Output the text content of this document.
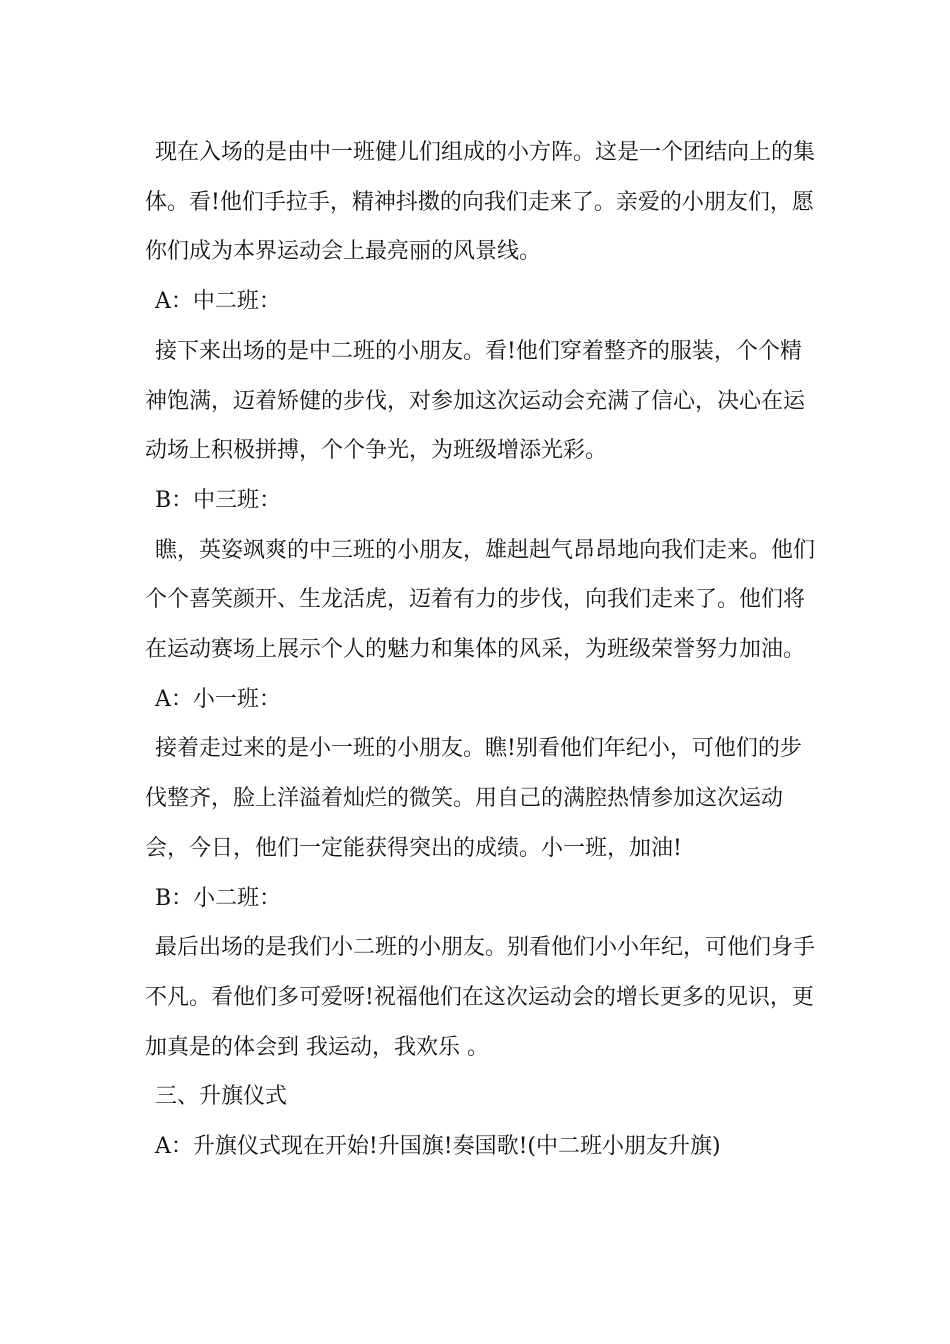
现在入场的是由中一班健儿们组成的小方阵。这是一个团结向上的集体。看!他们手拉手，精神抖擞的向我们走来了。亲爱的小朋友们，愿你们成为本界运动会上最亮丽的风景线。

A：中二班：

接下来出场的是中二班的小朋友。看!他们穿着整齐的服装，个个精神饱满，迈着矫健的步伐，对参加这次运动会充满了信心，决心在运动场上积极拼搏，个个争光，为班级增添光彩。

B：中三班：

瞧，英姿飒爽的中三班的小朋友，雄赳赳气昂昂地向我们走来。他们个个喜笑颜开、生龙活虎，迈着有力的步伐，向我们走来了。他们将在运动赛场上展示个人的魅力和集体的风采，为班级荣誉努力加油。

A：小一班：

接着走过来的是小一班的小朋友。瞧!别看他们年纪小，可他们的步伐整齐，脸上洋溢着灿烂的微笑。用自己的满腔热情参加这次运动会，今日，他们一定能获得突出的成绩。小一班，加油!

B：小二班：

最后出场的是我们小二班的小朋友。别看他们小小年纪，可他们身手不凡。看他们多可爱呀!祝福他们在这次运动会的增长更多的见识，更加真是的体会到 我运动，我欢乐 。

三、升旗仪式

A：升旗仪式现在开始!升国旗!奏国歌!(中二班小朋友升旗)
